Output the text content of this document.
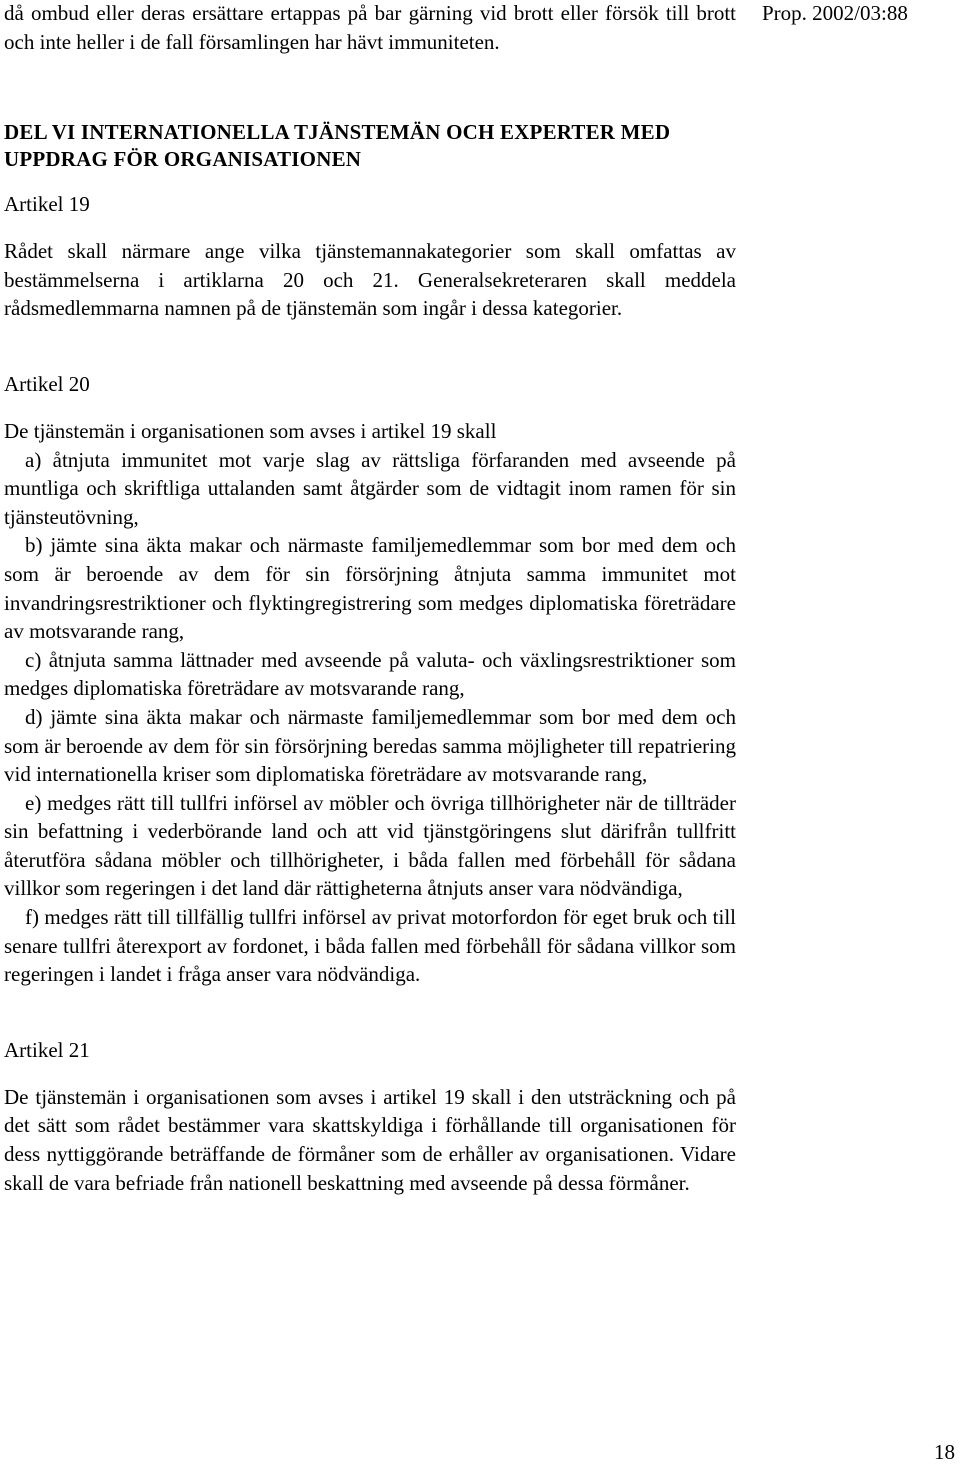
Prop. 2002/03:88

då ombud eller deras ersättare ertappas på bar gärning vid brott eller försök till brott och inte heller i de fall församlingen har hävt immuniteten.

DEL VI INTERNATIONELLA TJÄNSTEMÄN OCH EXPERTER MED UPPDRAG FÖR ORGANISATIONEN

Artikel 19

Rådet skall närmare ange vilka tjänstemannakategorier som skall omfattas av bestämmelserna i artiklarna 20 och 21. Generalsekreteraren skall meddela rådsmedlemmarna namnen på de tjänstemän som ingår i dessa kategorier.

Artikel 20

De tjänstemän i organisationen som avses i artikel 19 skall

a) åtnjuta immunitet mot varje slag av rättsliga förfaranden med avseende på muntliga och skriftliga uttalanden samt åtgärder som de vidtagit inom ramen för sin tjänsteutövning,

b) jämte sina äkta makar och närmaste familjemedlemmar som bor med dem och som är beroende av dem för sin försörjning åtnjuta samma immunitet mot invandringsrestriktioner och flyktingregistrering som medges diplomatiska företrädare av motsvarande rang,

c) åtnjuta samma lättnader med avseende på valuta- och växlingsrestriktioner som medges diplomatiska företrädare av motsvarande rang,

d) jämte sina äkta makar och närmaste familjemedlemmar som bor med dem och som är beroende av dem för sin försörjning beredas samma möjligheter till repatriering vid internationella kriser som diplomatiska företrädare av motsvarande rang,

e) medges rätt till tullfri införsel av möbler och övriga tillhörigheter när de tillträder sin befattning i vederbörande land och att vid tjänstgöringens slut därifrån tullfritt återutföra sådana möbler och tillhörigheter, i båda fallen med förbehåll för sådana villkor som regeringen i det land där rättigheterna åtnjuts anser vara nödvändiga,

f) medges rätt till tillfällig tullfri införsel av privat motorfordon för eget bruk och till senare tullfri återexport av fordonet, i båda fallen med förbehåll för sådana villkor som regeringen i landet i fråga anser vara nödvändiga.

Artikel 21

De tjänstemän i organisationen som avses i artikel 19 skall i den utsträckning och på det sätt som rådet bestämmer vara skattskyldiga i förhållande till organisationen för dess nyttiggörande beträffande de förmåner som de erhåller av organisationen. Vidare skall de vara befriade från nationell beskattning med avseende på dessa förmåner.

18
